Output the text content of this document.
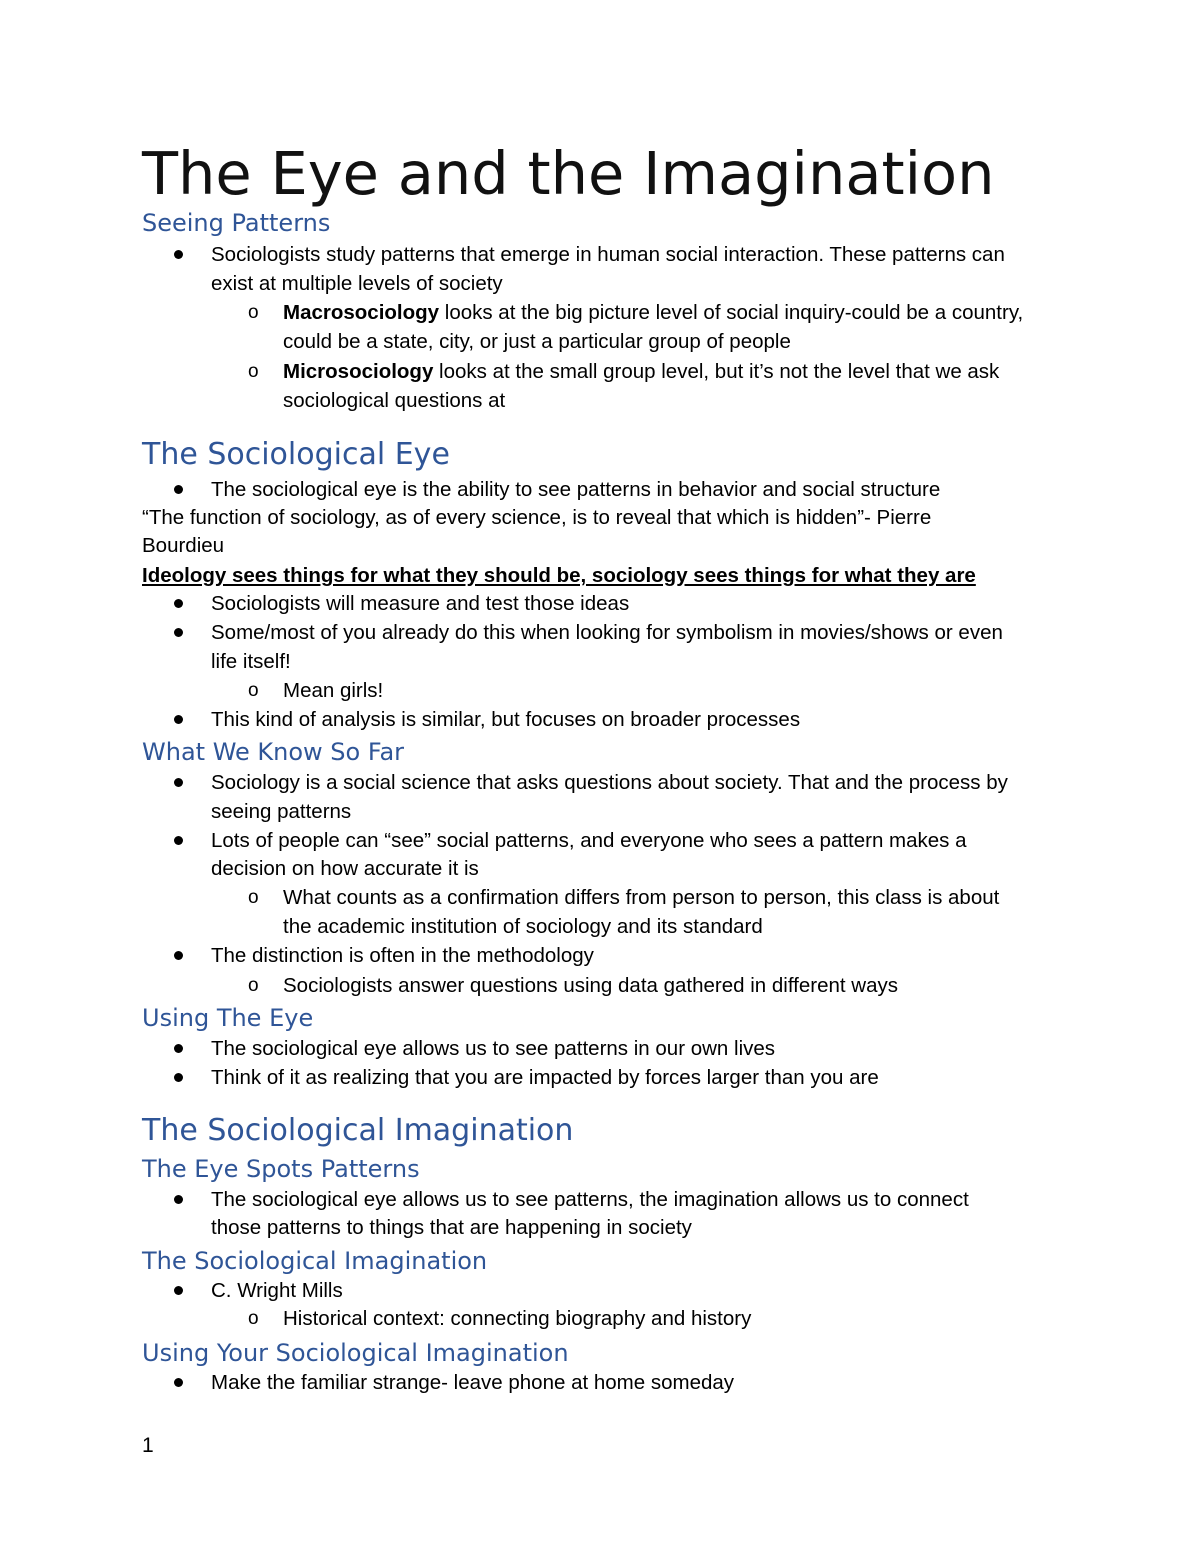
The Eye and the Imagination
Seeing Patterns
Sociologists study patterns that emerge in human social interaction. These patterns can
exist at multiple levels of society
o Macrosociology looks at the big picture level of social inquiry-could be a country,
could be a state, city, or just a particular group of people
o Microsociology looks at the small group level, but it’s not the level that we ask
sociological questions at
The Sociological Eye
The sociological eye is the ability to see patterns in behavior and social structure
“The function of sociology, as of every science, is to reveal that which is hidden”- Pierre
Bourdieu
Ideology sees things for what they should be, sociology sees things for what they are
Sociologists will measure and test those ideas
Some/most of you already do this when looking for symbolism in movies/shows or even
life itself!
o Mean girls!
This kind of analysis is similar, but focuses on broader processes
What We Know So Far
Sociology is a social science that asks questions about society. That and the process by
seeing patterns
Lots of people can “see” social patterns, and everyone who sees a pattern makes a
decision on how accurate it is
o What counts as a confirmation differs from person to person, this class is about
the academic institution of sociology and its standard
The distinction is often in the methodology
o Sociologists answer questions using data gathered in different ways
Using The Eye
The sociological eye allows us to see patterns in our own lives
Think of it as realizing that you are impacted by forces larger than you are
The Sociological Imagination
The Eye Spots Patterns
The sociological eye allows us to see patterns, the imagination allows us to connect
those patterns to things that are happening in society
The Sociological Imagination
C. Wright Mills
o Historical context: connecting biography and history
Using Your Sociological Imagination
Make the familiar strange- leave phone at home someday
1
